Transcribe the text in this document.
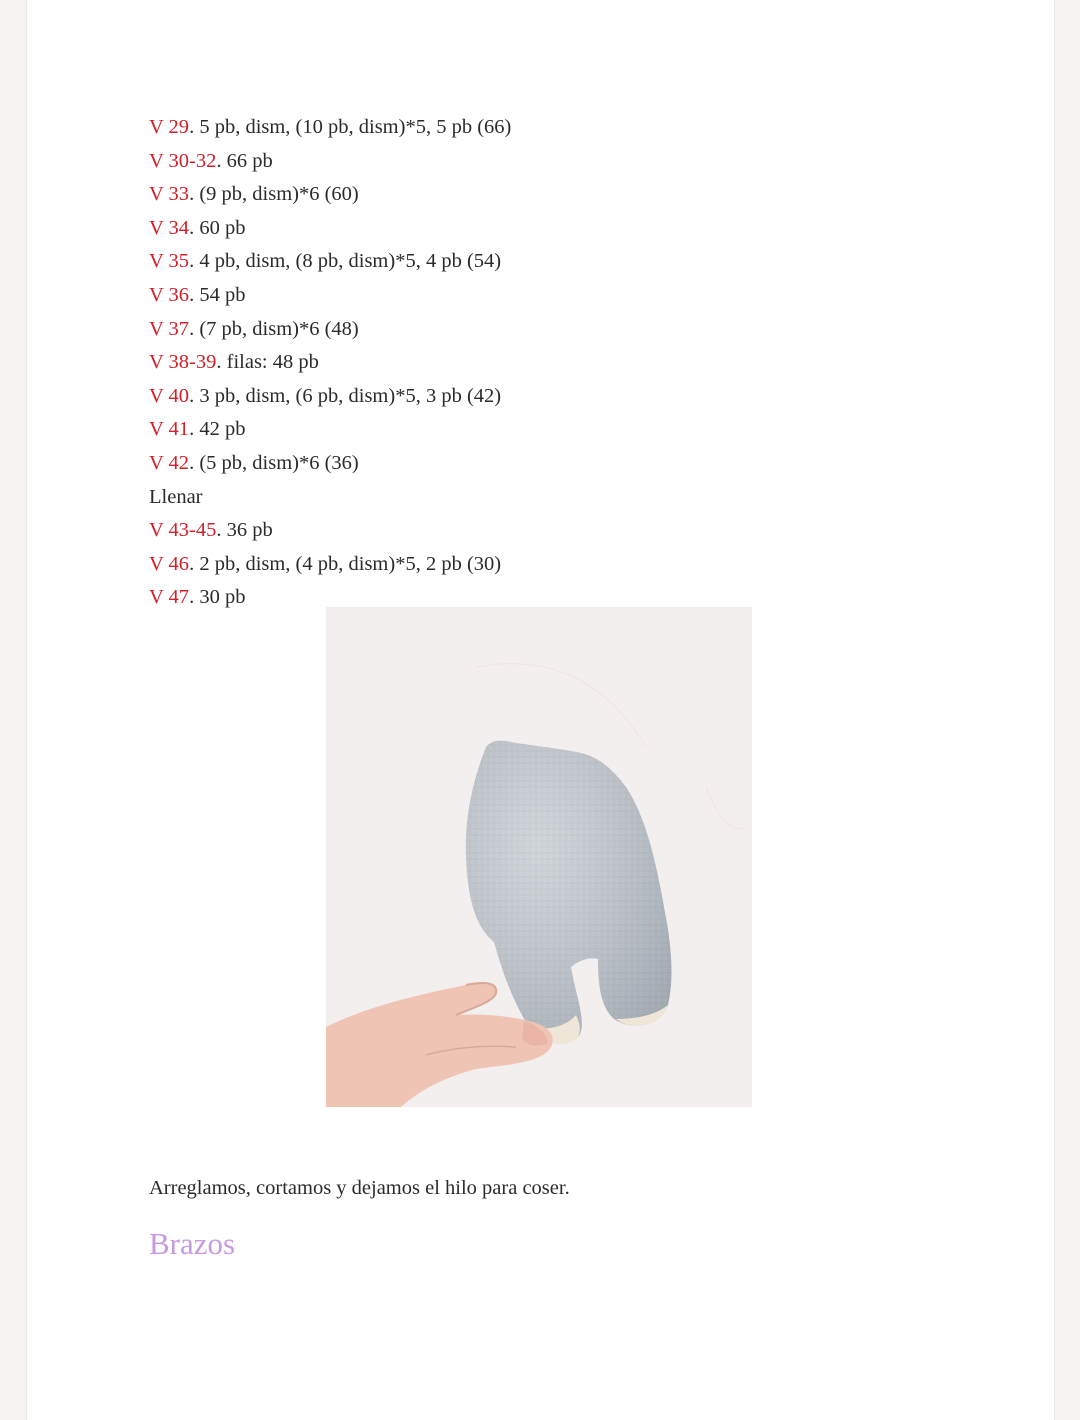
V 29. 5 pb, dism, (10 pb, dism)*5, 5 pb (66)
V 30-32. 66 pb
V 33. (9 pb, dism)*6 (60)
V 34. 60 pb
V 35. 4 pb, dism, (8 pb, dism)*5, 4 pb (54)
V 36. 54 pb
V 37. (7 pb, dism)*6 (48)
V 38-39. filas: 48 pb
V 40. 3 pb, dism, (6 pb, dism)*5, 3 pb (42)
V 41. 42 pb
V 42. (5 pb, dism)*6 (36)
Llenar
V 43-45. 36 pb
V 46. 2 pb, dism, (4 pb, dism)*5, 2 pb (30)
V 47. 30 pb
Arreglamos, cortamos y dejamos el hilo para coser.
Brazos
